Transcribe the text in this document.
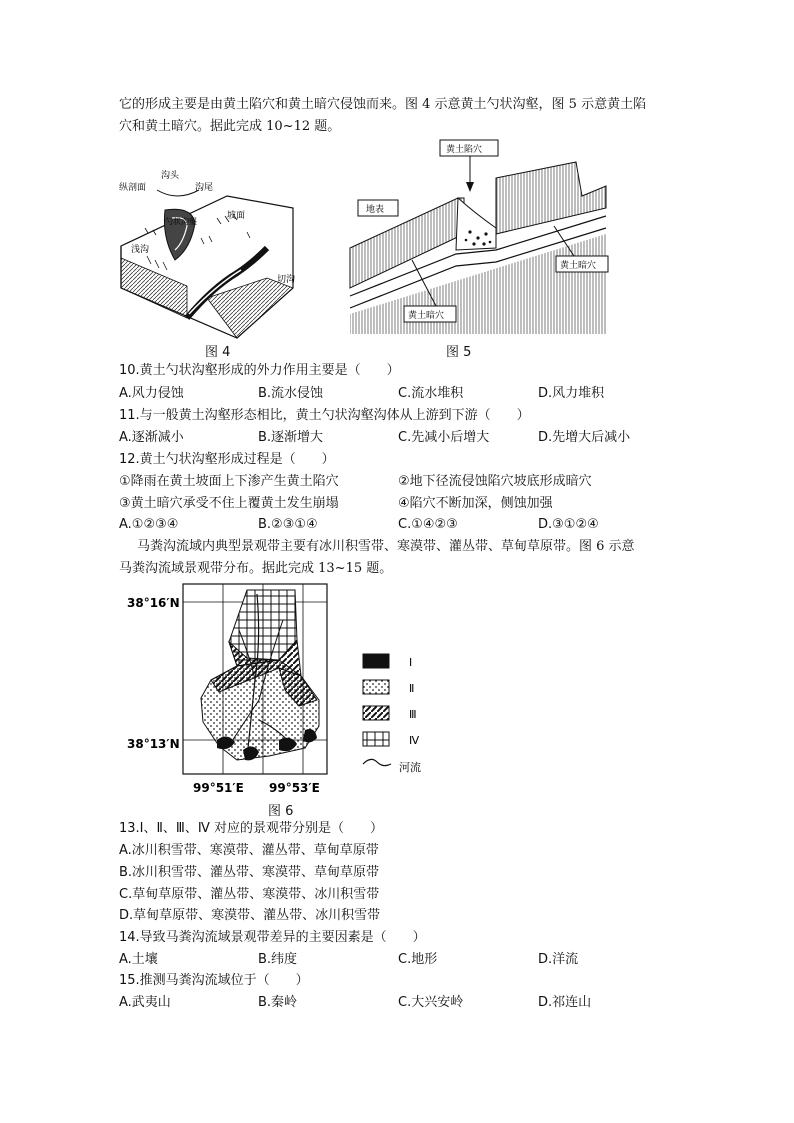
它的形成主要是由黄土陷穴和黄土暗穴侵蚀而来。图 4 示意黄土勺状沟壑，图 5 示意黄土陷
穴和黄土暗穴。据此完成 10~12 题。
沟头
纵剖面	沟尾
勺状沟壑
坡面
浅沟
切沟
图 4
黄土陷穴
地表
黄土暗穴
黄土暗穴
图 5
10.黄土勺状沟壑形成的外力作用主要是（　　）
A.风力侵蚀	B.流水侵蚀	C.流水堆积	D.风力堆积
11.与一般黄土沟壑形态相比，黄土勺状沟壑沟体从上游到下游（　　）
A.逐渐减小	B.逐渐增大	C.先减小后增大	D.先增大后减小
12.黄土勺状沟壑形成过程是（　　）
①降雨在黄土坡面上下渗产生黄土陷穴	②地下径流侵蚀陷穴坡底形成暗穴
③黄土暗穴承受不住上覆黄土发生崩塌	④陷穴不断加深，侧蚀加强
A.①②③④	B.②③①④	C.①④②③	D.③①②④
马粪沟流域内典型景观带主要有冰川积雪带、寒漠带、灌丛带、草甸草原带。图 6 示意
马粪沟流域景观带分布。据此完成 13~15 题。
38°16′N
38°13′N
99°51′E 99°53′E
Ⅰ
Ⅱ
Ⅲ
Ⅳ
河流
图 6
13.Ⅰ、Ⅱ、Ⅲ、Ⅳ 对应的景观带分别是（　　）
A.冰川积雪带、寒漠带、灌丛带、草甸草原带
B.冰川积雪带、灌丛带、寒漠带、草甸草原带
C.草甸草原带、灌丛带、寒漠带、冰川积雪带
D.草甸草原带、寒漠带、灌丛带、冰川积雪带
14.导致马粪沟流域景观带差异的主要因素是（　　）
A.土壤	B.纬度	C.地形	D.洋流
15.推测马粪沟流域位于（　　）
A.武夷山	B.秦岭	C.大兴安岭	D.祁连山
